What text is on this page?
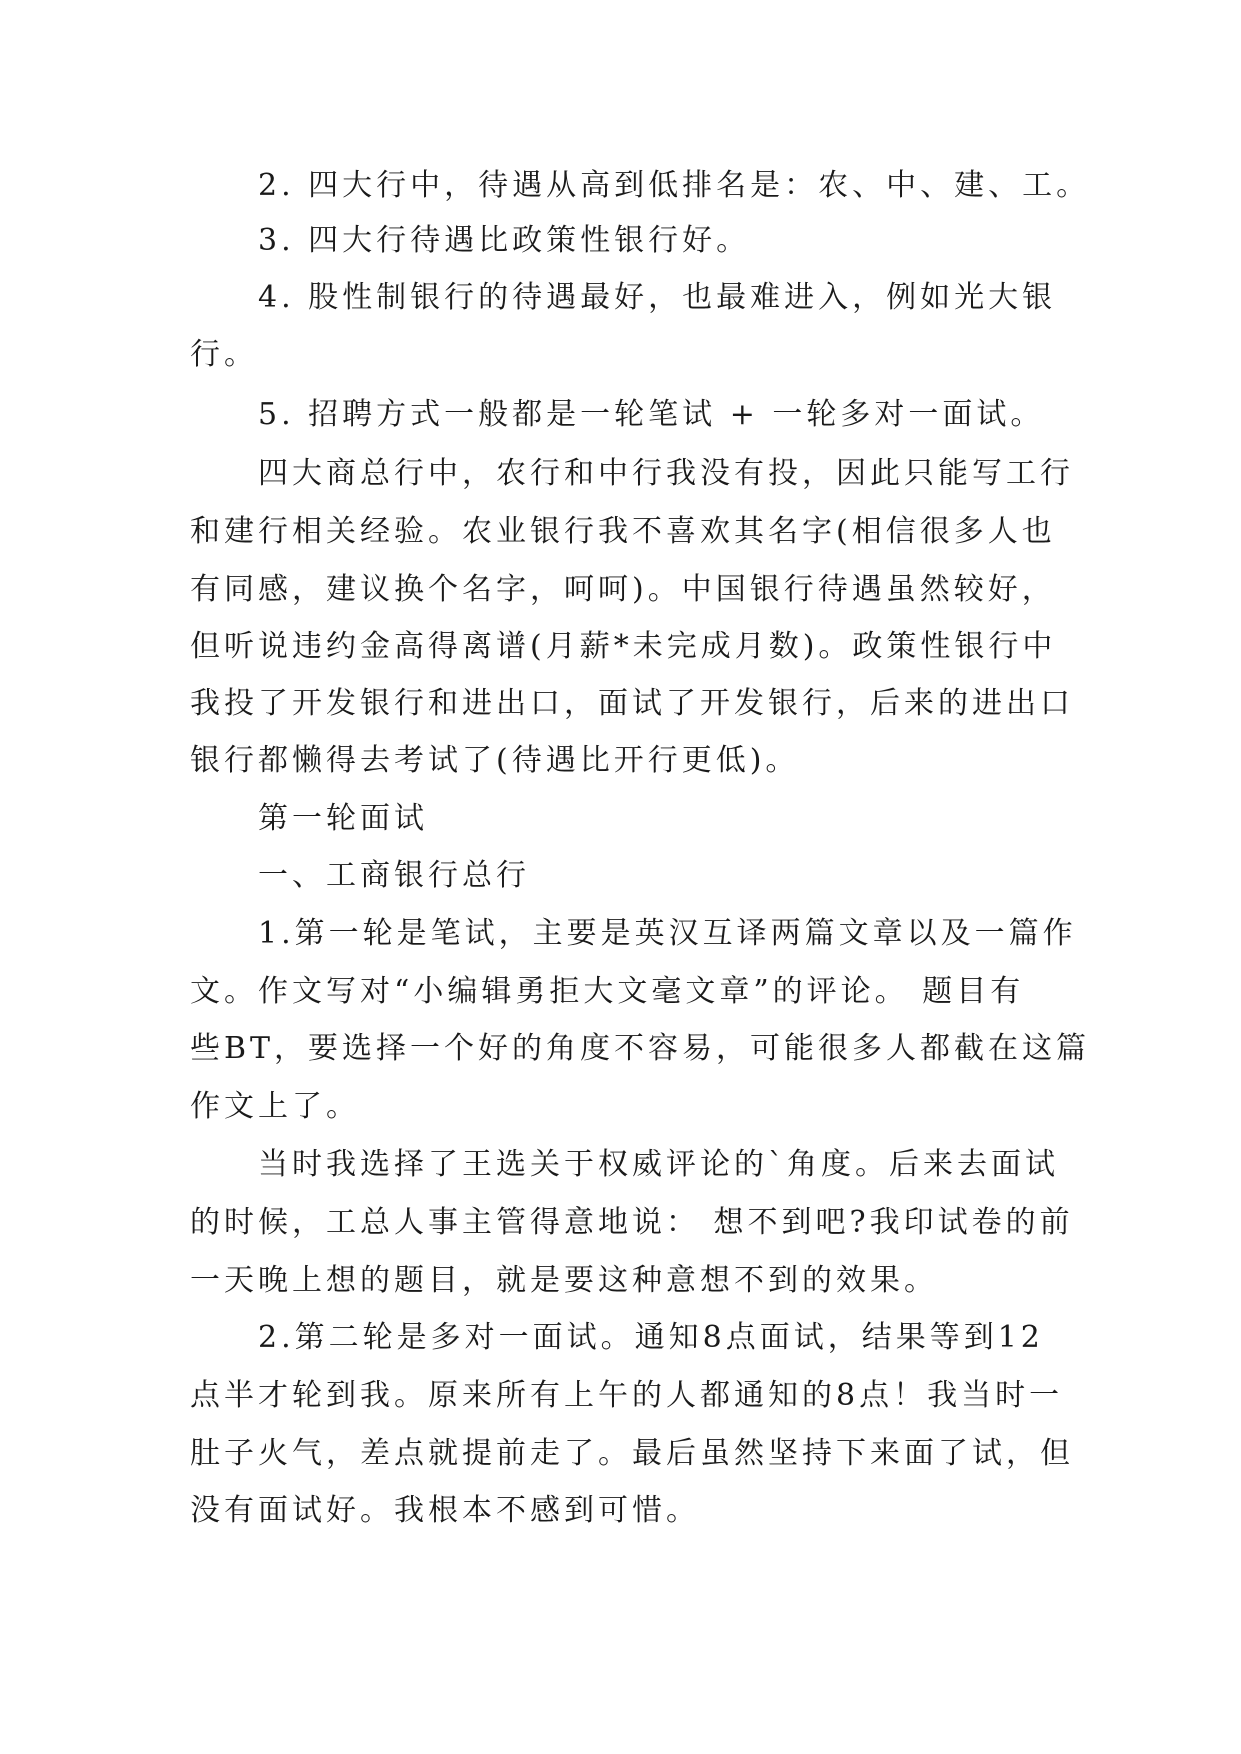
2. 四大行中，待遇从高到低排名是：农、中、建、工。
3. 四大行待遇比政策性银行好。
4. 股性制银行的待遇最好，也最难进入，例如光大银
行。
5. 招聘方式一般都是一轮笔试 + 一轮多对一面试。
四大商总行中，农行和中行我没有投，因此只能写工行
和建行相关经验。农业银行我不喜欢其名字(相信很多人也
有同感，建议换个名字，呵呵)。中国银行待遇虽然较好，
但听说违约金高得离谱(月薪*未完成月数)。政策性银行中
我投了开发银行和进出口，面试了开发银行，后来的进出口
银行都懒得去考试了(待遇比开行更低)。
第一轮面试
一、工商银行总行
1.第一轮是笔试，主要是英汉互译两篇文章以及一篇作
文。作文写对“小编辑勇拒大文毫文章”的评论。 题目有
些BT，要选择一个好的角度不容易，可能很多人都截在这篇
作文上了。
当时我选择了王选关于权威评论的`角度。后来去面试
的时候，工总人事主管得意地说： 想不到吧?我印试卷的前
一天晚上想的题目，就是要这种意想不到的效果。
2.第二轮是多对一面试。通知8点面试，结果等到12
点半才轮到我。原来所有上午的人都通知的8点！我当时一
肚子火气，差点就提前走了。最后虽然坚持下来面了试，但
没有面试好。我根本不感到可惜。
